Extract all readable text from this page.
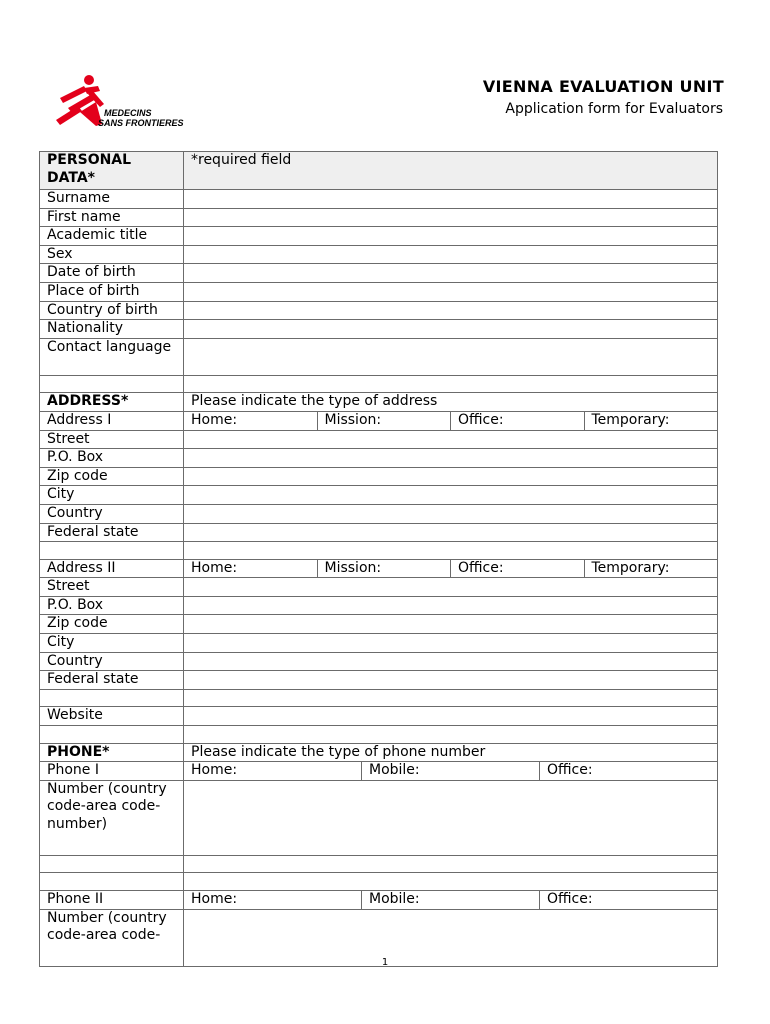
MEDECINS
SANS FRONTIERES
VIENNA EVALUATION UNIT
Application form for Evaluators
PERSONAL DATA*	*required field
Surname	
First name	
Academic title	
Sex	
Date of birth	
Place of birth	
Country of birth	
Nationality	
Contact language	

ADDRESS*	Please indicate the type of address
Address I	Home: Mission: Office: Temporary:

Street	
P.O. Box	
Zip code	
City	
Country	
Federal state	

Address II	Home: Mission: Office: Temporary:

Street	
P.O. Box	
Zip code	
City	
Country	
Federal state	

Website	

PHONE*	Please indicate the type of phone number
Phone I	Home: Mobile: Office:

Number (country code-area code-number)	

Phone II	Home: Mobile: Office:

Number (country code-area code-	
1
